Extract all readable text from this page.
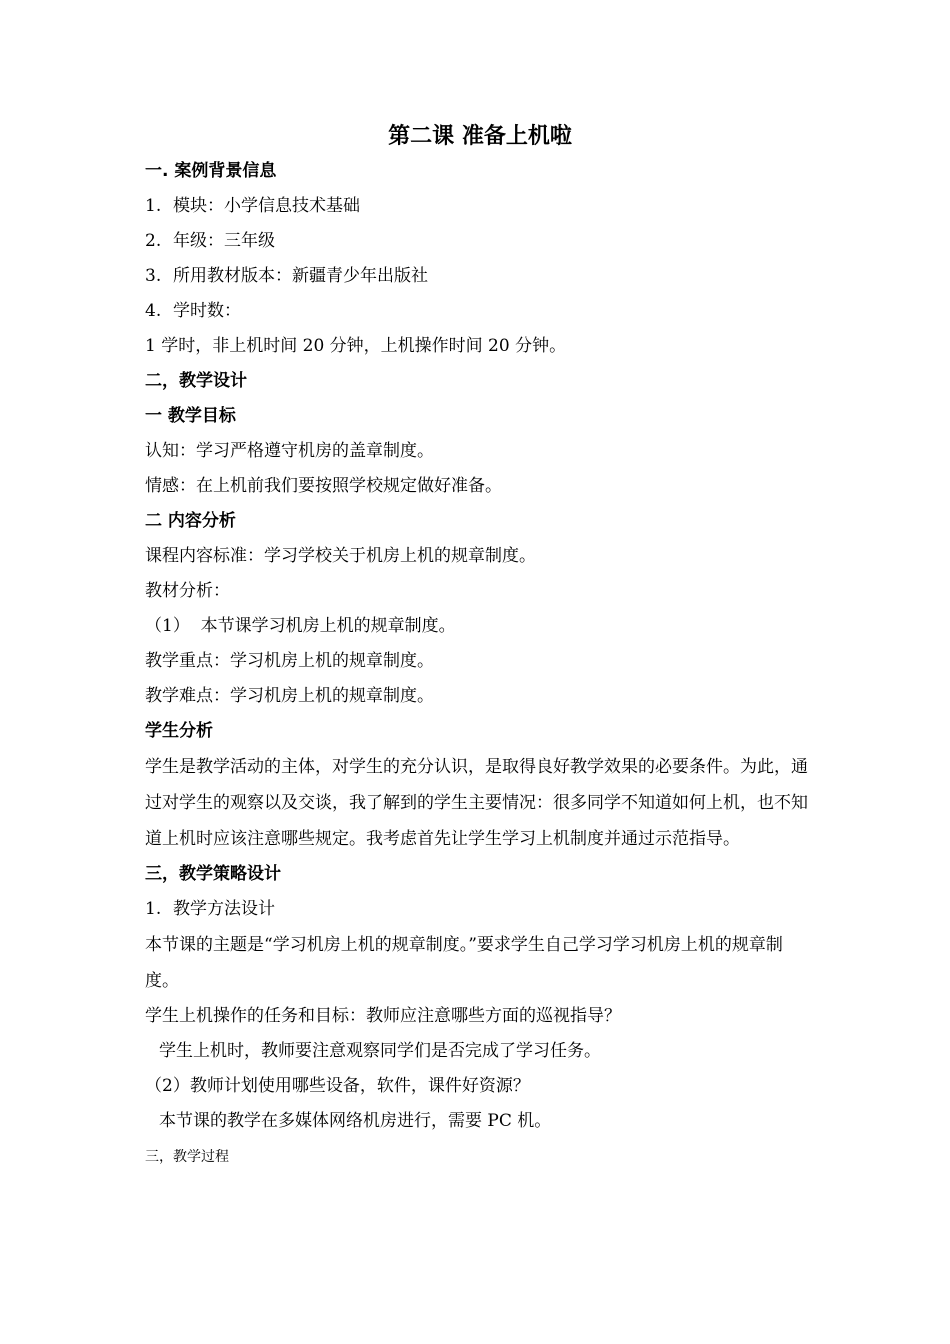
第二课 准备上机啦
一. 案例背景信息
1. 模块：小学信息技术基础
2. 年级：三年级
3. 所用教材版本：新疆青少年出版社
4. 学时数：
1 学时，非上机时间 20 分钟，上机操作时间 20 分钟。
二，教学设计
一 教学目标
认知：学习严格遵守机房的盖章制度。
情感：在上机前我们要按照学校规定做好准备。
二 内容分析
课程内容标准：学习学校关于机房上机的规章制度。
教材分析：
（1）  本节课学习机房上机的规章制度。
教学重点：学习机房上机的规章制度。
教学难点：学习机房上机的规章制度。
学生分析
学生是教学活动的主体，对学生的充分认识，是取得良好教学效果的必要条件。为此，通过对学生的观察以及交谈，我了解到的学生主要情况：很多同学不知道如何上机，也不知道上机时应该注意哪些规定。我考虑首先让学生学习上机制度并通过示范指导。
三，教学策略设计
1. 教学方法设计
本节课的主题是“学习机房上机的规章制度。”要求学生自己学习学习机房上机的规章制度。
学生上机操作的任务和目标：教师应注意哪些方面的巡视指导？
学生上机时，教师要注意观察同学们是否完成了学习任务。
（2）教师计划使用哪些设备，软件，课件好资源？
本节课的教学在多媒体网络机房进行，需要 PC 机。
三，教学过程
